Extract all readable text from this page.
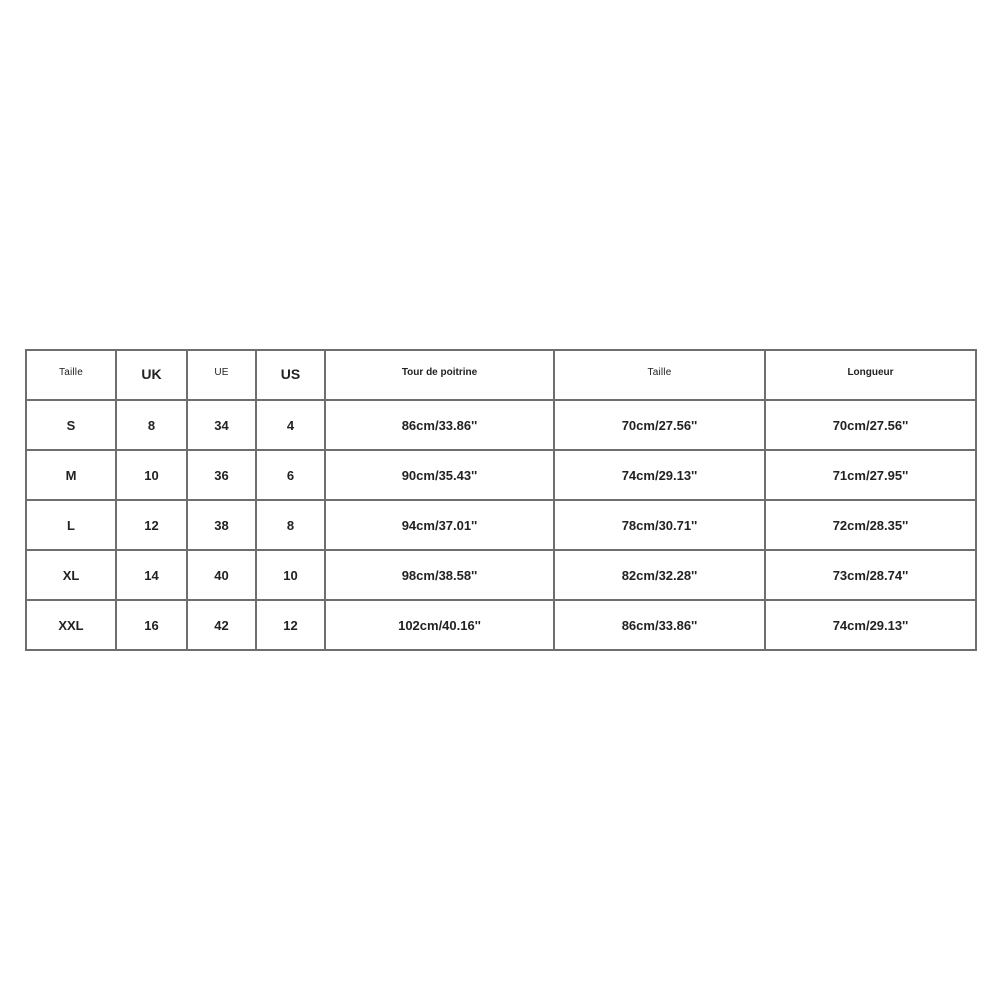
$^{Taille}$	UK	$^{UE}$	US	$^{Tour de poitrine}$	$^{Taille}$	$^{Longueur}$
S	8	34	4	86cm/33.86''	70cm/27.56''	70cm/27.56''
M	10	36	6	90cm/35.43''	74cm/29.13''	71cm/27.95''
L	12	38	8	94cm/37.01''	78cm/30.71''	72cm/28.35''
XL	14	40	10	98cm/38.58''	82cm/32.28''	73cm/28.74''
XXL	16	42	12	102cm/40.16''	86cm/33.86''	74cm/29.13''
